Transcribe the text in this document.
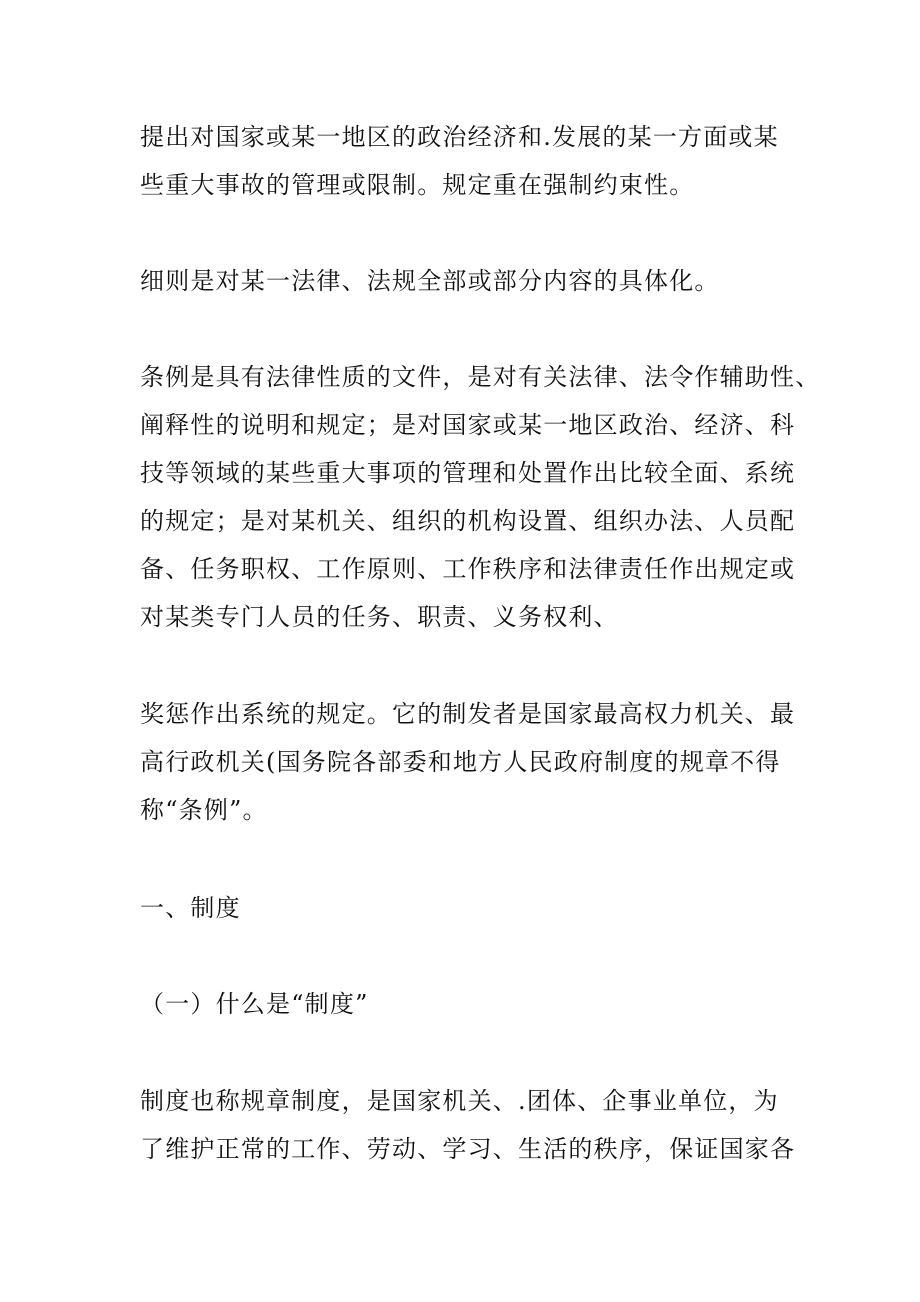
提出对国家或某一地区的政治经济和.发展的某一方面或某
些重大事故的管理或限制。规定重在强制约束性。
细则是对某一法律、法规全部或部分内容的具体化。
条例是具有法律性质的文件，是对有关法律、法令作辅助性、
阐释性的说明和规定；是对国家或某一地区政治、经济、科
技等领域的某些重大事项的管理和处置作出比较全面、系统
的规定；是对某机关、组织的机构设置、组织办法、人员配
备、任务职权、工作原则、工作秩序和法律责任作出规定或
对某类专门人员的任务、职责、义务权利、
奖惩作出系统的规定。它的制发者是国家最高权力机关、最
高行政机关(国务院各部委和地方人民政府制度的规章不得
称“条例”。
一、制度
（一）什么是“制度”
制度也称规章制度，是国家机关、.团体、企事业单位，为
了维护正常的工作、劳动、学习、生活的秩序，保证国家各
